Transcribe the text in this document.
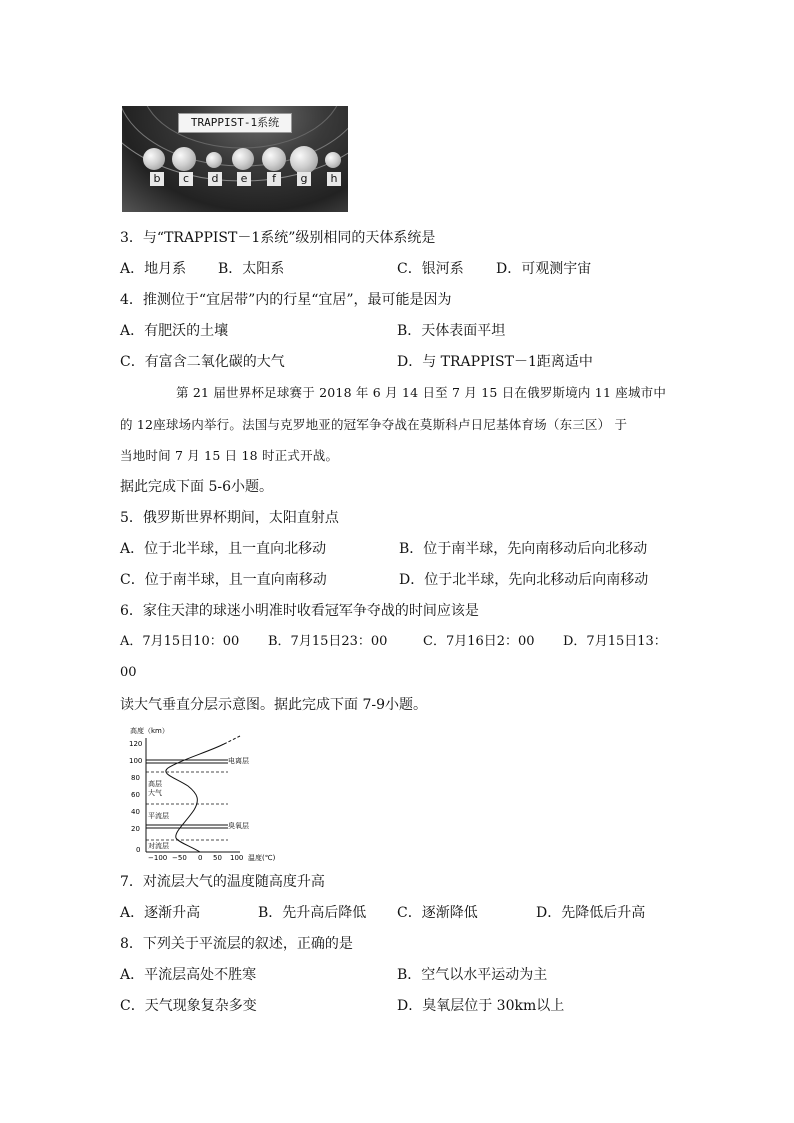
TRAPPIST-1系统
b	c	d	e	f	g	h
3．与“TRAPPIST－1系统”级别相同的天体系统是
A．地月系 B．太阳系	C．银河系 D．可观测宇宙
4．推测位于“宜居带”内的行星“宜居”，最可能是因为
A．有肥沃的土壤	B．天体表面平坦
C．有富含二氧化碳的大气	D．与 TRAPPIST－1距离适中
第 21 届世界杯足球赛于 2018 年 6 月 14 日至 7 月 15 日在俄罗斯境内 11 座城市中
的 12座球场内举行。法国与克罗地亚的冠军争夺战在莫斯科卢日尼基体育场（东三区） 于
当地时间 7 月 15 日 18 时正式开战。
据此完成下面 5-6小题。
5．俄罗斯世界杯期间，太阳直射点
A．位于北半球，且一直向北移动	B．位于南半球，先向南移动后向北移动
C．位于南半球，且一直向南移动	D．位于北半球，先向北移动后向南移动
6．家住天津的球迷小明准时收看冠军争夺战的时间应该是
A．7月15日10：00 B．7月15日23：00	C．7月16日2：00 D．7月15日13：
00
读大气垂直分层示意图。据此完成下面 7-9小题。
高度（km）
120
100
80
60
40
20
0
电离层
高层
大气
平流层
臭氧层
对流层
−100 −50 0 50 100 温度(℃)
7．对流层大气的温度随高度升高
A．逐渐升高	B．先升高后降低 C．逐渐降低	D．先降低后升高
8．下列关于平流层的叙述，正确的是
A．平流层高处不胜寒	B．空气以水平运动为主
C．天气现象复杂多变	D．臭氧层位于 30km以上
